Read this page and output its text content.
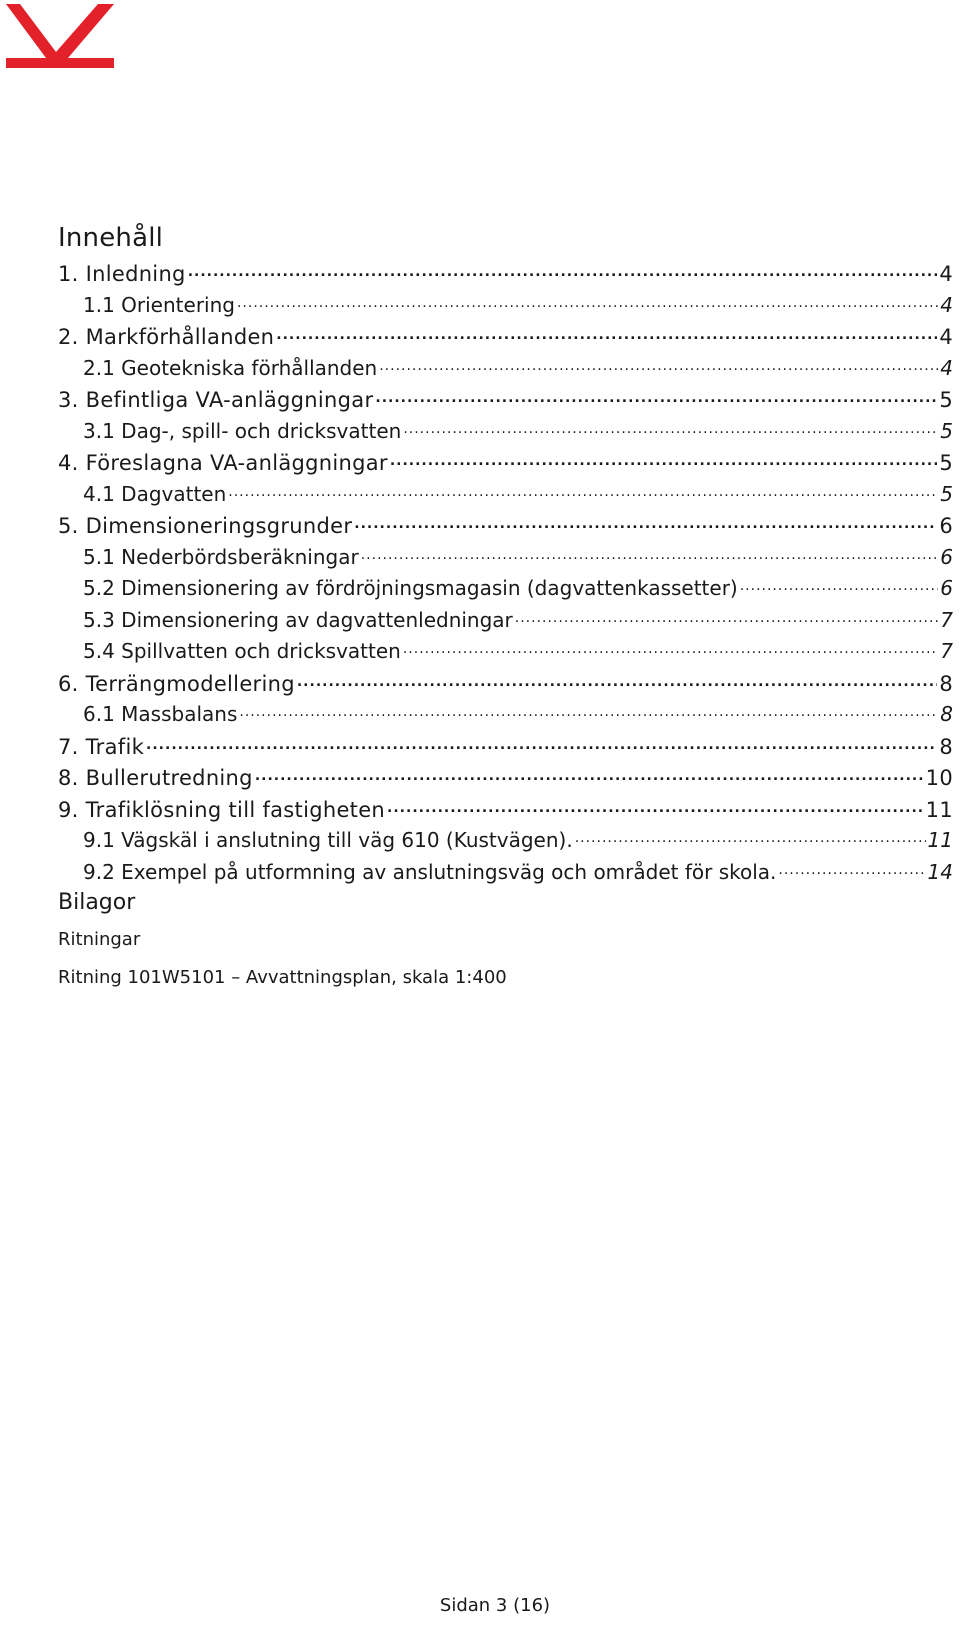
Innehåll
1. Inledning .....	4
1.1 Orientering .....	4
2. Markförhållanden .....	4
2.1 Geotekniska förhållanden .....	4
3. Befintliga VA-anläggningar .....	5
3.1 Dag-, spill- och dricksvatten .....	5
4. Föreslagna VA-anläggningar .....	5
4.1 Dagvatten .....	5
5. Dimensioneringsgrunder .....	6
5.1 Nederbördsberäkningar .....	6
5.2 Dimensionering av fördröjningsmagasin (dagvattenkassetter) .....	6
5.3 Dimensionering av dagvattenledningar .....	7
5.4 Spillvatten och dricksvatten .....	7
6. Terrängmodellering .....	8
6.1 Massbalans .....	8
7. Trafik .....	8
8. Bullerutredning .....	10
9. Trafiklösning till fastigheten .....	11
9.1 Vägskäl i anslutning till väg 610 (Kustvägen). .....	11
9.2 Exempel på utformning av anslutningsväg och området för skola. .....	14
Bilagor
Ritningar
Ritning 101W5101 – Avvattningsplan, skala 1:400
Sidan 3 (16)
